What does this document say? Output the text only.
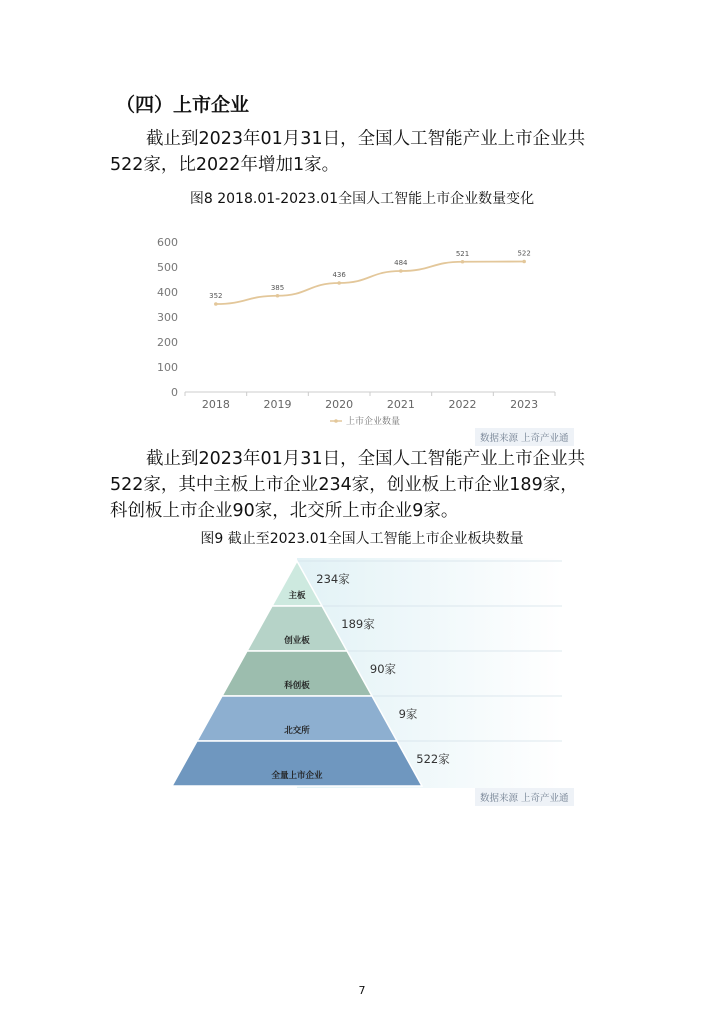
（四）上市企业
截止到2023年01月31日，全国人工智能产业上市企业共
522家，比2022年增加1家。
图8 2018.01-2023.01全国人工智能上市企业数量变化
0
100
200
300
400
500
600
2018	2019	2020	2021	2022	2023
352
385
436
484
521	522
上市企业数量
数据来源 上奇产业通
截止到2023年01月31日，全国人工智能产业上市企业共
522家，其中主板上市企业234家，创业板上市企业189家，
科创板上市企业90家，北交所上市企业9家。
图9 截止至2023.01全国人工智能上市企业板块数量
主板
234家
创业板
189家
科创板
90家
北交所
9家
全量上市企业
522家
数据来源 上奇产业通
7
